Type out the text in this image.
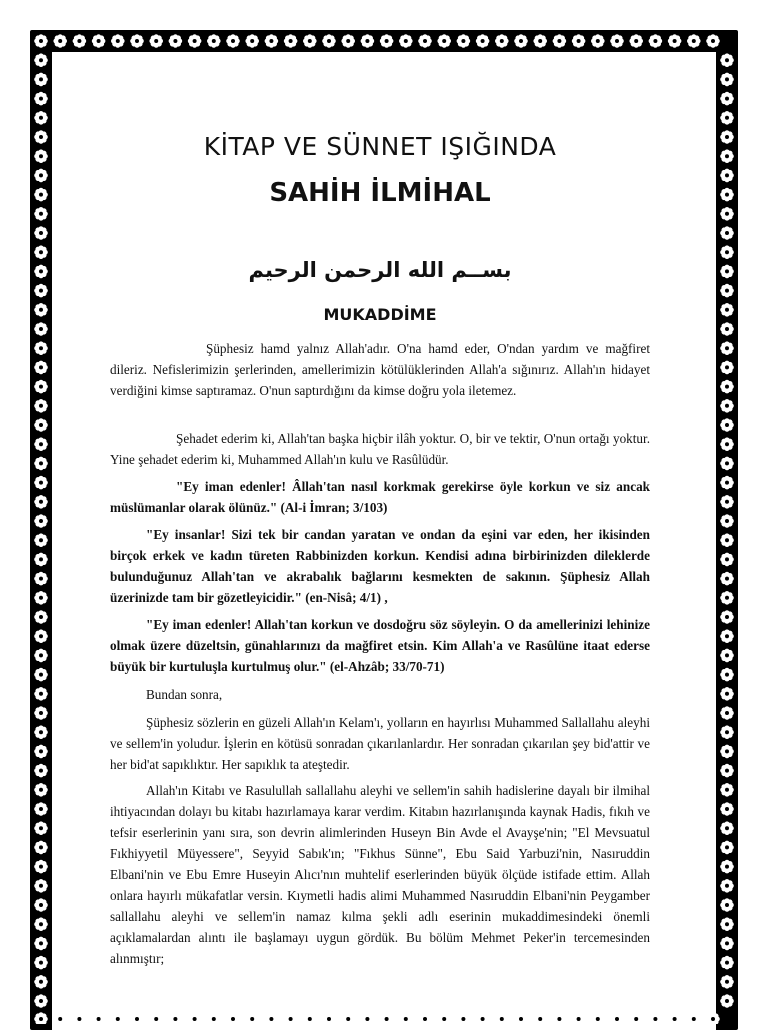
KİTAP VE SÜNNET IŞIĞINDA
SAHİH İLMİHAL
بســم الله الرحمن الرحيم
MUKADDİME

Şüphesiz hamd yalnız Allah'adır. O'na hamd eder, O'ndan yardım ve mağfiret dileriz. Nefislerimizin şerlerinden, amellerimizin kötülüklerinden Allah'a sığınırız. Allah'ın hidayet verdiğini kimse saptıramaz. O'nun saptırdığını da kimse doğru yola iletemez.

Şehadet ederim ki, Allah'tan başka hiçbir ilâh yoktur. O, bir ve tektir, O'nun ortağı yoktur. Yine şehadet ederim ki, Muhammed Allah'ın kulu ve Rasûlüdür.

"Ey iman edenler! Âllah'tan nasıl korkmak gerekirse öyle korkun ve siz ancak müslümanlar olarak ölünüz." (Al-i İmran; 3/103)

"Ey insanlar! Sizi tek bir candan yaratan ve ondan da eşini var eden, her ikisinden birçok erkek ve kadın türeten Rabbinizden korkun. Kendisi adına birbirinizden dileklerde bulunduğunuz Allah'tan ve akrabalık bağlarını kesmekten de sakının. Şüphesiz Allah üzerinizde tam bir gözetleyicidir." (en-Nisâ; 4/1) ,

"Ey iman edenler! Allah'tan korkun ve dosdoğru söz söyleyin. O da amellerinizi lehinize olmak üzere düzeltsin, günahlarınızı da mağfiret etsin. Kim Allah'a ve Rasûlüne itaat ederse büyük bir kurtuluşla kurtulmuş olur." (el-Ahzâb; 33/70-71)

Bundan sonra,

Şüphesiz sözlerin en güzeli Allah'ın Kelam'ı, yolların en hayırlısı Muhammed Sallallahu aleyhi ve sellem'in yoludur. İşlerin en kötüsü sonradan çıkarılanlardır. Her sonradan çıkarılan şey bid'attir ve her bid'at sapıklıktır. Her sapıklık ta ateştedir.

Allah'ın Kitabı ve Rasulullah sallallahu aleyhi ve sellem'in sahih hadislerine dayalı bir ilmihal ihtiyacından dolayı bu kitabı hazırlamaya karar verdim. Kitabın hazırlanışında kaynak Hadis, fıkıh ve tefsir eserlerinin yanı sıra, son devrin alimlerinden Huseyn Bin Avde el Avayşe'nin; "El Mevsuatul Fıkhiyyetil Müyessere", Seyyid Sabık'ın; "Fıkhus Sünne", Ebu Said Yarbuzi'nin, Nasıruddin Elbani'nin ve Ebu Emre Huseyin Alıcı'nın muhtelif eserlerinden büyük ölçüde istifade ettim. Allah onlara hayırlı mükafatlar versin. Kıymetli hadis alimi Muhammed Nasıruddin Elbani'nin Peygamber sallallahu aleyhi ve sellem'in namaz kılma şekli adlı eserinin mukaddimesindeki önemli açıklamalardan alıntı ile başlamayı uygun gördük. Bu bölüm Mehmet Peker'in tercemesinden alınmıştır;
